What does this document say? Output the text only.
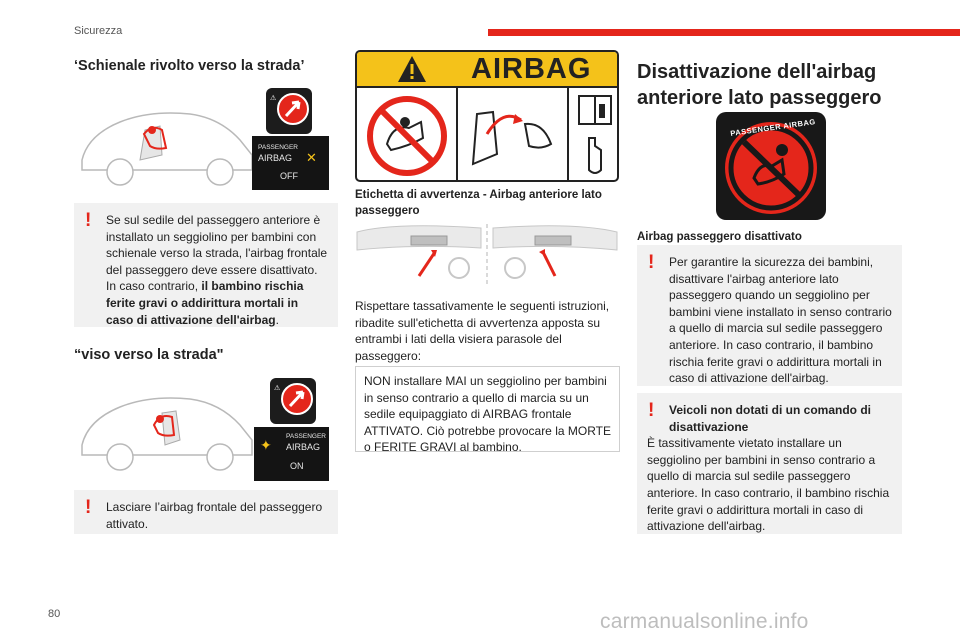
Sicurezza
‘Schienale rivolto verso la strada’
⚠
PASSENGER
AIRBAG ✕
OFF
!	Se sul sedile del passeggero anteriore è installato un seggiolino per bambini con schienale verso la strada, l'airbag frontale del passeggero deve essere disattivato. In caso contrario, il bambino rischia ferite gravi o addirittura mortali in caso di attivazione dell'airbag.
“viso verso la strada"
⚠
PASSENGER
AIRBAG
✦
ON
!	Lasciare l’airbag frontale del passeggero attivato.
AIRBAG
Etichetta di avvertenza - Airbag anteriore lato passeggero
Rispettare tassativamente le seguenti istruzioni, ribadite sull'etichetta di avvertenza apposta su entrambi i lati della visiera parasole del passeggero:
NON installare MAI un seggiolino per bambini in senso contrario a quello di marcia su un sedile equipaggiato di AIRBAG frontale ATTIVATO. Ciò potrebbe provocare la MORTE o FERITE GRAVI al bambino.
Disattivazione dell'airbag anteriore lato passeggero
PASSENGER AIRBAG
Airbag passeggero disattivato
!	Per garantire la sicurezza dei bambini, disattivare l'airbag anteriore lato passeggero quando un seggiolino per bambini viene installato in senso contrario a quello di marcia sul sedile passeggero anteriore. In caso contrario, il bambino rischia ferite gravi o addirittura mortali in caso di attivazione dell'airbag.
!	Veicoli non dotati di un comando di disattivazione
È tassitivamente vietato installare un seggiolino per bambini in senso contrario a quello di marcia sul sedile passeggero anteriore. In caso contrario, il bambino rischia ferite gravi o addirittura mortali in caso di attivazione dell'airbag.
80	carmanualsonline.info
